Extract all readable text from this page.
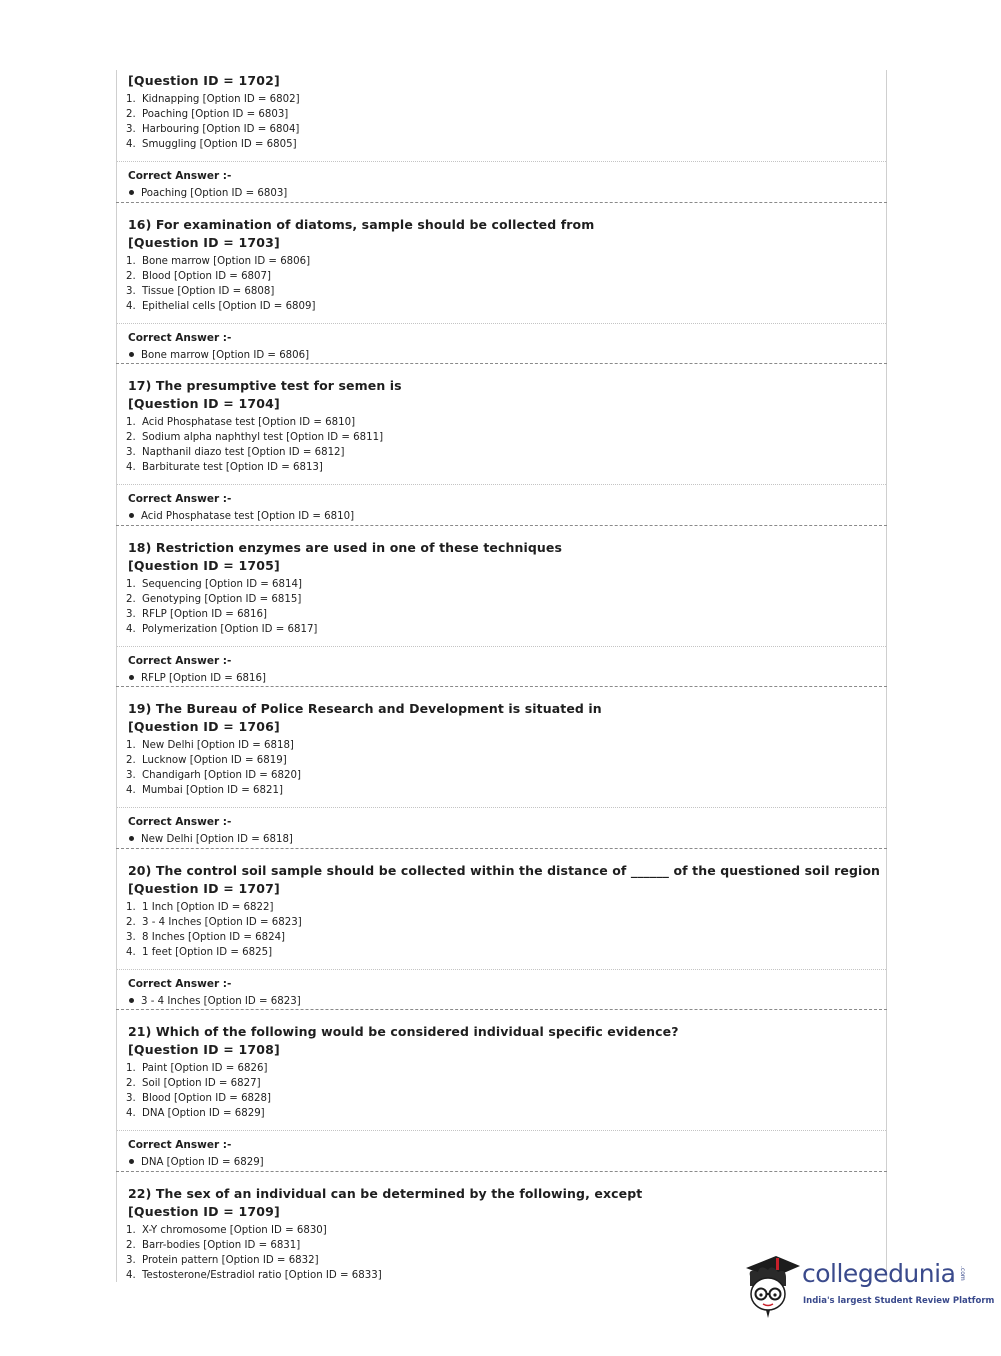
[Question ID = 1702]
1. Kidnapping [Option ID = 6802]
2. Poaching [Option ID = 6803]
3. Harbouring [Option ID = 6804]
4. Smuggling [Option ID = 6805]
Correct Answer :-
Poaching [Option ID = 6803]
16) For examination of diatoms, sample should be collected from
[Question ID = 1703]
1. Bone marrow [Option ID = 6806]
2. Blood [Option ID = 6807]
3. Tissue [Option ID = 6808]
4. Epithelial cells [Option ID = 6809]
Correct Answer :-
Bone marrow [Option ID = 6806]
17) The presumptive test for semen is
[Question ID = 1704]
1. Acid Phosphatase test [Option ID = 6810]
2. Sodium alpha naphthyl test [Option ID = 6811]
3. Napthanil diazo test [Option ID = 6812]
4. Barbiturate test [Option ID = 6813]
Correct Answer :-
Acid Phosphatase test [Option ID = 6810]
18) Restriction enzymes are used in one of these techniques
[Question ID = 1705]
1. Sequencing [Option ID = 6814]
2. Genotyping [Option ID = 6815]
3. RFLP [Option ID = 6816]
4. Polymerization [Option ID = 6817]
Correct Answer :-
RFLP [Option ID = 6816]
19) The Bureau of Police Research and Development is situated in
[Question ID = 1706]
1. New Delhi [Option ID = 6818]
2. Lucknow [Option ID = 6819]
3. Chandigarh [Option ID = 6820]
4. Mumbai [Option ID = 6821]
Correct Answer :-
New Delhi [Option ID = 6818]
20) The control soil sample should be collected within the distance of ______ of the questioned soil region
[Question ID = 1707]
1. 1 Inch [Option ID = 6822]
2. 3 - 4 Inches [Option ID = 6823]
3. 8 Inches [Option ID = 6824]
4. 1 feet [Option ID = 6825]
Correct Answer :-
3 - 4 Inches [Option ID = 6823]
21) Which of the following would be considered individual specific evidence?
[Question ID = 1708]
1. Paint [Option ID = 6826]
2. Soil [Option ID = 6827]
3. Blood [Option ID = 6828]
4. DNA [Option ID = 6829]
Correct Answer :-
DNA [Option ID = 6829]
22) The sex of an individual can be determined by the following, except
[Question ID = 1709]
1. X-Y chromosome [Option ID = 6830]
2. Barr-bodies [Option ID = 6831]
3. Protein pattern [Option ID = 6832]
4. Testosterone/Estradiol ratio [Option ID = 6833]	collegedunia .com
India's largest Student Review Platform
